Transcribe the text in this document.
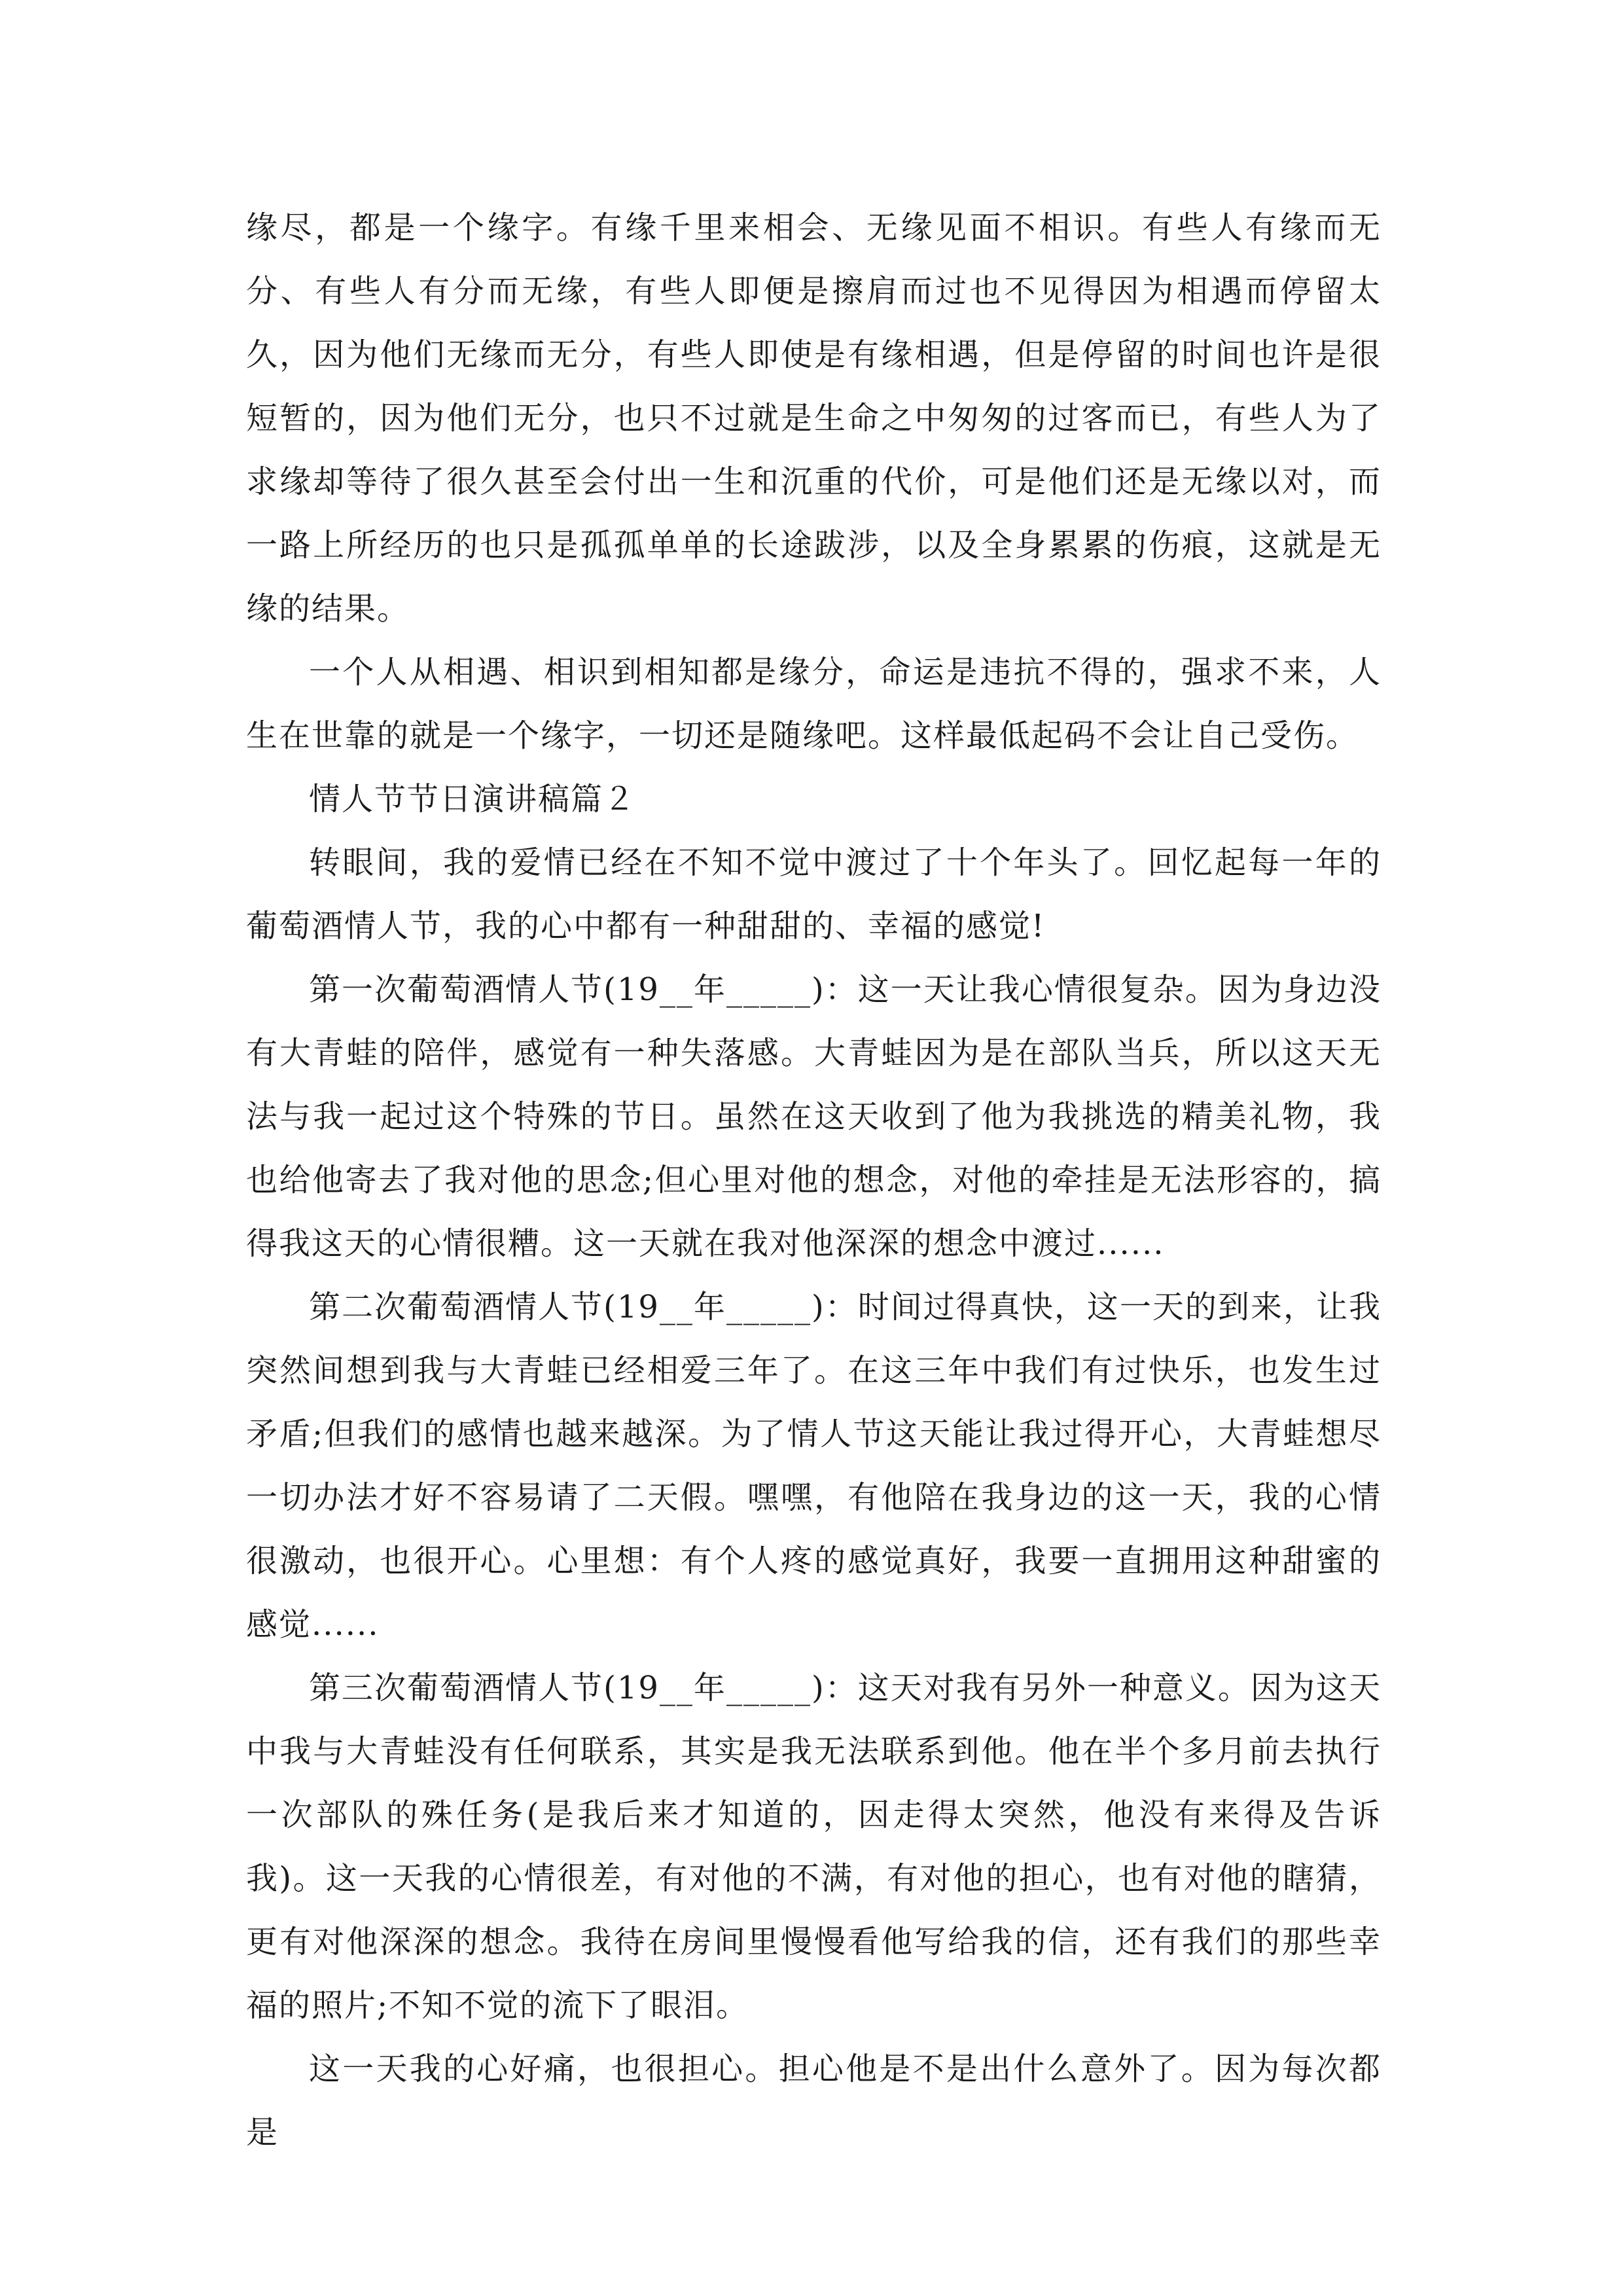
缘尽，都是一个缘字。有缘千里来相会、无缘见面不相识。有些人有缘而无分、有些人有分而无缘，有些人即便是擦肩而过也不见得因为相遇而停留太久，因为他们无缘而无分，有些人即使是有缘相遇，但是停留的时间也许是很短暂的，因为他们无分，也只不过就是生命之中匆匆的过客而已，有些人为了求缘却等待了很久甚至会付出一生和沉重的代价，可是他们还是无缘以对，而一路上所经历的也只是孤孤单单的长途跋涉，以及全身累累的伤痕，这就是无缘的结果。

一个人从相遇、相识到相知都是缘分，命运是违抗不得的，强求不来，人生在世靠的就是一个缘字，一切还是随缘吧。这样最低起码不会让自己受伤。

情人节节日演讲稿篇２

转眼间，我的爱情已经在不知不觉中渡过了十个年头了。回忆起每一年的葡萄酒情人节，我的心中都有一种甜甜的、幸福的感觉!

第一次葡萄酒情人节(19__年_____)：这一天让我心情很复杂。因为身边没有大青蛙的陪伴，感觉有一种失落感。大青蛙因为是在部队当兵，所以这天无法与我一起过这个特殊的节日。虽然在这天收到了他为我挑选的精美礼物，我也给他寄去了我对他的思念;但心里对他的想念，对他的牵挂是无法形容的，搞得我这天的心情很糟。这一天就在我对他深深的想念中渡过......

第二次葡萄酒情人节(19__年_____)：时间过得真快，这一天的到来，让我突然间想到我与大青蛙已经相爱三年了。在这三年中我们有过快乐，也发生过矛盾;但我们的感情也越来越深。为了情人节这天能让我过得开心，大青蛙想尽一切办法才好不容易请了二天假。嘿嘿，有他陪在我身边的这一天，我的心情很激动，也很开心。心里想：有个人疼的感觉真好，我要一直拥用这种甜蜜的感觉......

第三次葡萄酒情人节(19__年_____)：这天对我有另外一种意义。因为这天中我与大青蛙没有任何联系，其实是我无法联系到他。他在半个多月前去执行一次部队的殊任务(是我后来才知道的，因走得太突然，他没有来得及告诉我)。这一天我的心情很差，有对他的不满，有对他的担心，也有对他的瞎猜，更有对他深深的想念。我待在房间里慢慢看他写给我的信，还有我们的那些幸福的照片;不知不觉的流下了眼泪。

这一天我的心好痛，也很担心。担心他是不是出什么意外了。因为每次都是
